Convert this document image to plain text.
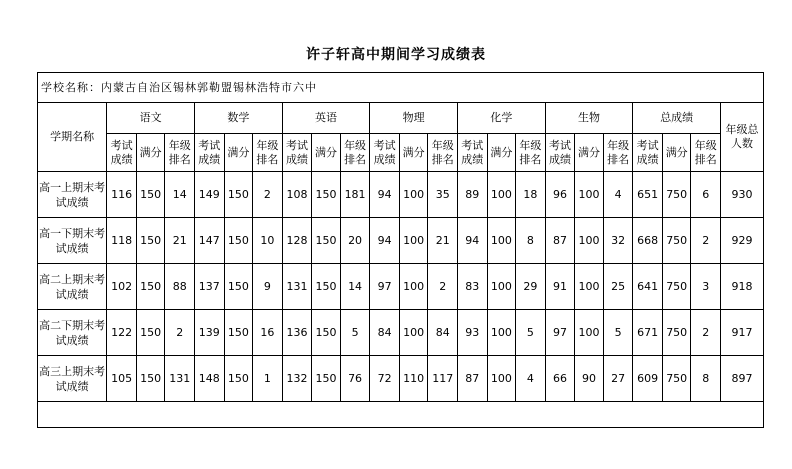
许子轩高中期间学习成绩表
学校名称：内蒙古自治区锡林郭勒盟锡林浩特市六中																						
学期名称	语文			数学			英语			物理			化学			生物			总成绩			年级总人数
	考试成绩	满分	年级排名	考试成绩	满分	年级排名	考试成绩	满分	年级排名	考试成绩	满分	年级排名	考试成绩	满分	年级排名	考试成绩	满分	年级排名	考试成绩	满分	年级排名	
高一上期末考试成绩	116	150	14	149	150	2	108	150	181	94	100	35	89	100	18	96	100	4	651	750	6	930
高一下期末考试成绩	118	150	21	147	150	10	128	150	20	94	100	21	94	100	8	87	100	32	668	750	2	929
高二上期末考试成绩	102	150	88	137	150	9	131	150	14	97	100	2	83	100	29	91	100	25	641	750	3	918
高二下期末考试成绩	122	150	2	139	150	16	136	150	5	84	100	84	93	100	5	97	100	5	671	750	2	917
高三上期末考试成绩	105	150	131	148	150	1	132	150	76	72	110	117	87	100	4	66	90	27	609	750	8	897
